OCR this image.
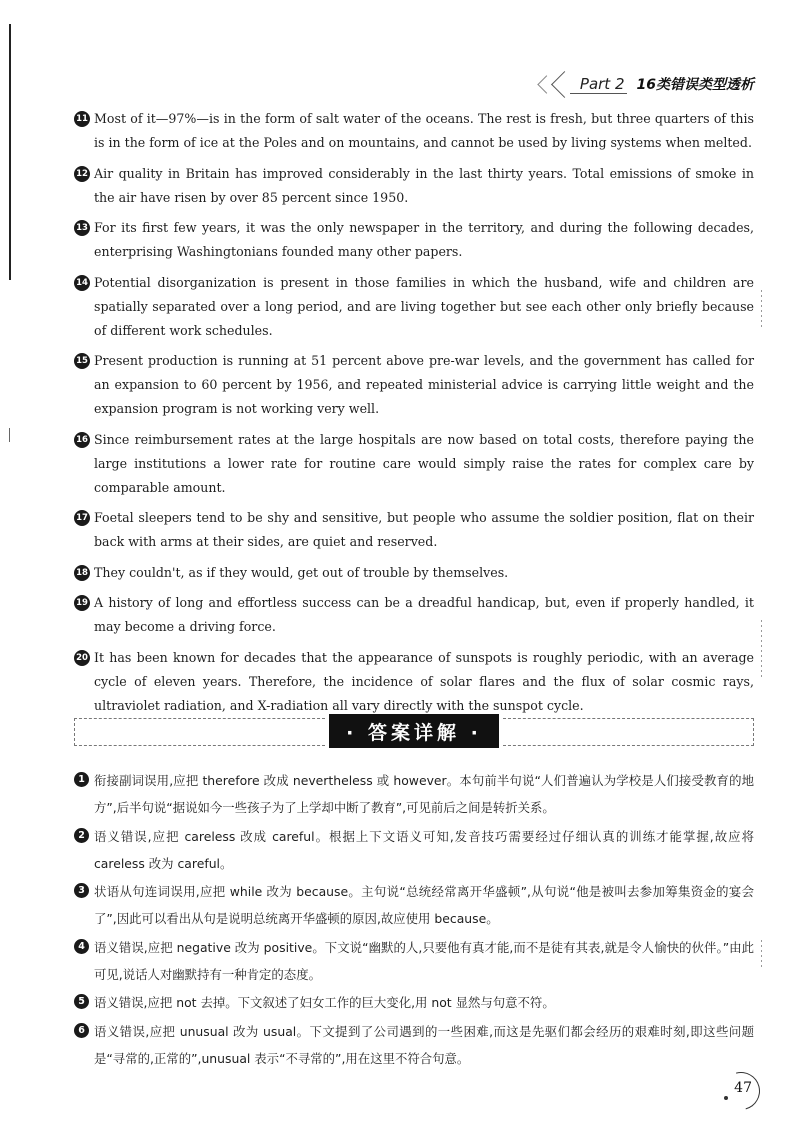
Part 2 16类错误类型透析
11 Most of it—97%—is in the form of salt water of the oceans. The rest is fresh, but three quarters of this is in the form of ice at the Poles and on mountains, and cannot be used by living systems when melted.
12 Air quality in Britain has improved considerably in the last thirty years. Total emissions of smoke in the air have risen by over 85 percent since 1950.
13 For its first few years, it was the only newspaper in the territory, and during the following decades, enterprising Washingtonians founded many other papers.
14 Potential disorganization is present in those families in which the husband, wife and children are spatially separated over a long period, and are living together but see each other only briefly because of different work schedules.
15 Present production is running at 51 percent above pre-war levels, and the government has called for an expansion to 60 percent by 1956, and repeated ministerial advice is carrying little weight and the expansion program is not working very well.
16 Since reimbursement rates at the large hospitals are now based on total costs, therefore paying the large institutions a lower rate for routine care would simply raise the rates for complex care by comparable amount.
17 Foetal sleepers tend to be shy and sensitive, but people who assume the soldier position, flat on their back with arms at their sides, are quiet and reserved.
18 They couldn't, as if they would, get out of trouble by themselves.
19 A history of long and effortless success can be a dreadful handicap, but, even if properly handled, it may become a driving force.
20 It has been known for decades that the appearance of sunspots is roughly periodic, with an average cycle of eleven years. Therefore, the incidence of solar flares and the flux of solar cosmic rays, ultraviolet radiation, and X-radiation all vary directly with the sunspot cycle.
· 答案详解 ·
1 衔接副词误用,应把 therefore 改成 nevertheless 或 however。本句前半句说“人们普遍认为学校是人们接受教育的地方”,后半句说“据说如今一些孩子为了上学却中断了教育”,可见前后之间是转折关系。
2 语义错误,应把 careless 改成 careful。根据上下文语义可知,发音技巧需要经过仔细认真的训练才能掌握,故应将 careless 改为 careful。
3 状语从句连词误用,应把 while 改为 because。主句说“总统经常离开华盛顿”,从句说“他是被叫去参加筹集资金的宴会了”,因此可以看出从句是说明总统离开华盛顿的原因,故应使用 because。
4 语义错误,应把 negative 改为 positive。下文说“幽默的人,只要他有真才能,而不是徒有其表,就是令人愉快的伙伴。”由此可见,说话人对幽默持有一种肯定的态度。
5 语义错误,应把 not 去掉。下文叙述了妇女工作的巨大变化,用 not 显然与句意不符。
6 语义错误,应把 unusual 改为 usual。下文提到了公司遇到的一些困难,而这是先驱们都会经历的艰难时刻,即这些问题是“寻常的,正常的”,unusual 表示“不寻常的”,用在这里不符合句意。
47
